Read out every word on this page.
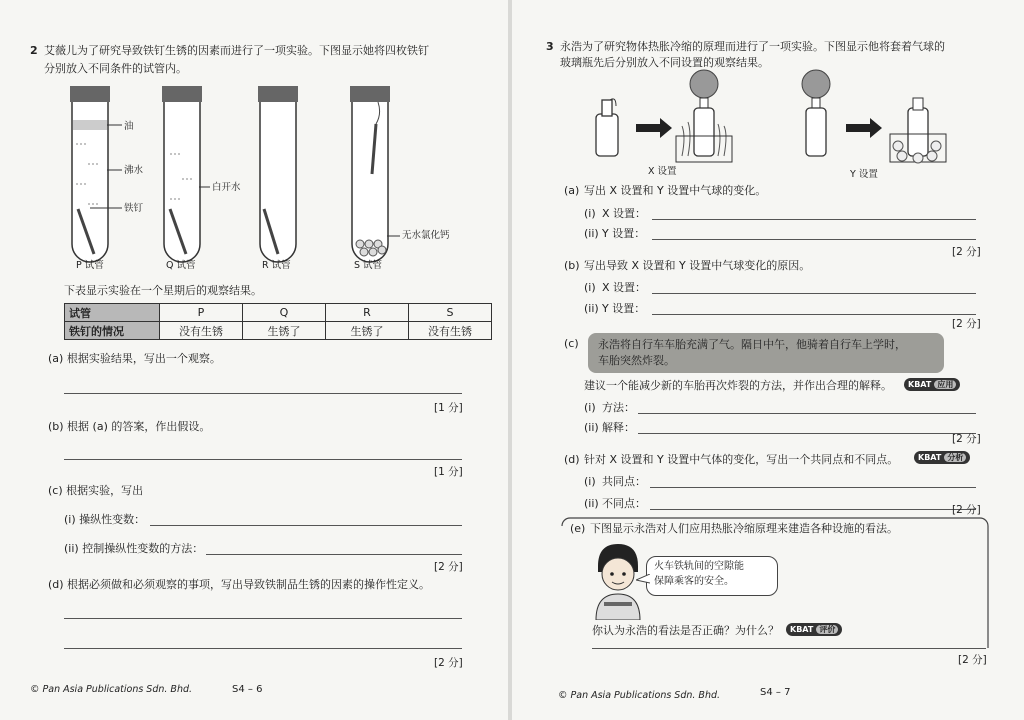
2 艾薇儿为了研究导致铁钉生锈的因素而进行了一项实验。下图显示她将四枚铁钉
分别放入不同条件的试管内。
油
沸水
铁钉
白开水
无水氯化钙
P 试管	Q 试管	R 试管	S 试管
下表显示实验在一个星期后的观察结果。
试管	P	Q	R	S
铁钉的情况	没有生锈	生锈了	生锈了	没有生锈
(a) 根据实验结果，写出一个观察。
[1 分]
(b) 根据 (a) 的答案，作出假设。
[1 分]
(c) 根据实验，写出
(i) 操纵性变数：
(ii) 控制操纵性变数的方法：
[2 分]
(d) 根据必须做和必须观察的事项，写出导致铁制品生锈的因素的操作性定义。
[2 分]
© Pan Asia Publications Sdn. Bhd.	S4 – 6
3 永浩为了研究物体热胀冷缩的原理而进行了一项实验。下图显示他将套着气球的
玻璃瓶先后分别放入不同设置的观察结果。
X 设置	Y 设置
(a) 写出 X 设置和 Y 设置中气球的变化。
(i) X 设置：
(ii) Y 设置：
[2 分]
(b) 写出导致 X 设置和 Y 设置中气球变化的原因。
(i) X 设置：
(ii) Y 设置：
[2 分]
(c) 永浩将自行车车胎充满了气。隔日中午，他骑着自行车上学时，
车胎突然炸裂。
建议一个能减少新的车胎再次炸裂的方法，并作出合理的解释。	KBAT 应用
(i) 方法：
(ii) 解释：
[2 分]
(d) 针对 X 设置和 Y 设置中气体的变化，写出一个共同点和不同点。	KBAT 分析
(i) 共同点：
(ii) 不同点：	[2 分]
(e) 下图显示永浩对人们应用热胀冷缩原理来建造各种设施的看法。
火车铁轨间的空隙能
保障乘客的安全。
你认为永浩的看法是否正确？为什么？	KBAT 评价
[2 分]
© Pan Asia Publications Sdn. Bhd.	S4 – 7
